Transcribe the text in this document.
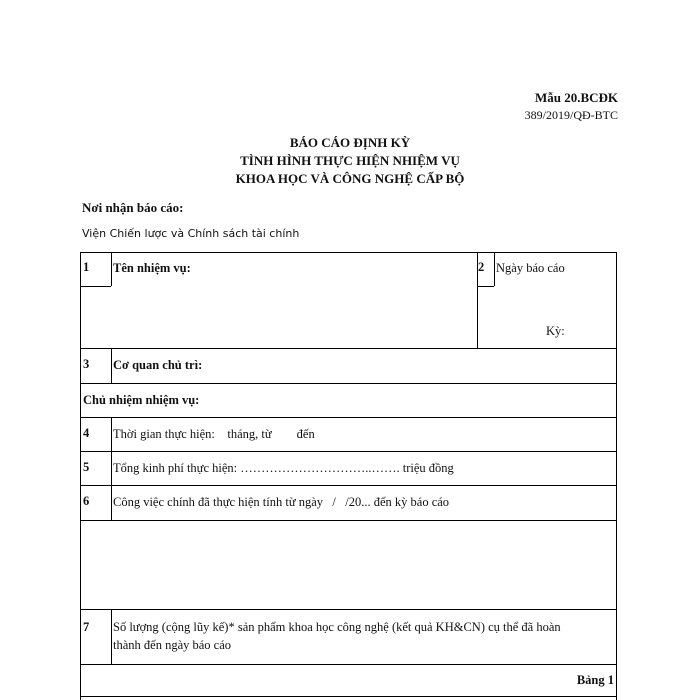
Mẫu 20.BCĐK
389/2019/QĐ-BTC
BÁO CÁO ĐỊNH KỲ
TÌNH HÌNH THỰC HIỆN NHIỆM VỤ
KHOA HỌC VÀ CÔNG NGHỆ CẤP BỘ
Nơi nhận báo cáo:
Viện Chiến lược và Chính sách tài chính
1 Tên nhiệm vụ:	2 Ngày báo cáo
Kỳ:
3 Cơ quan chủ trì:
Chủ nhiệm nhiệm vụ:
4 Thời gian thực hiện:    tháng, từ        đến
5 Tổng kinh phí thực hiện: …………………………..……. triệu đồng
6 Công việc chính đã thực hiện tính từ ngày   /   /20... đến kỳ báo cáo
7 Số lượng (cộng lũy kế)* sản phẩm khoa học công nghệ (kết quả KH&CN) cụ thể đã hoàn
thành đến ngày báo cáo
Bảng 1
